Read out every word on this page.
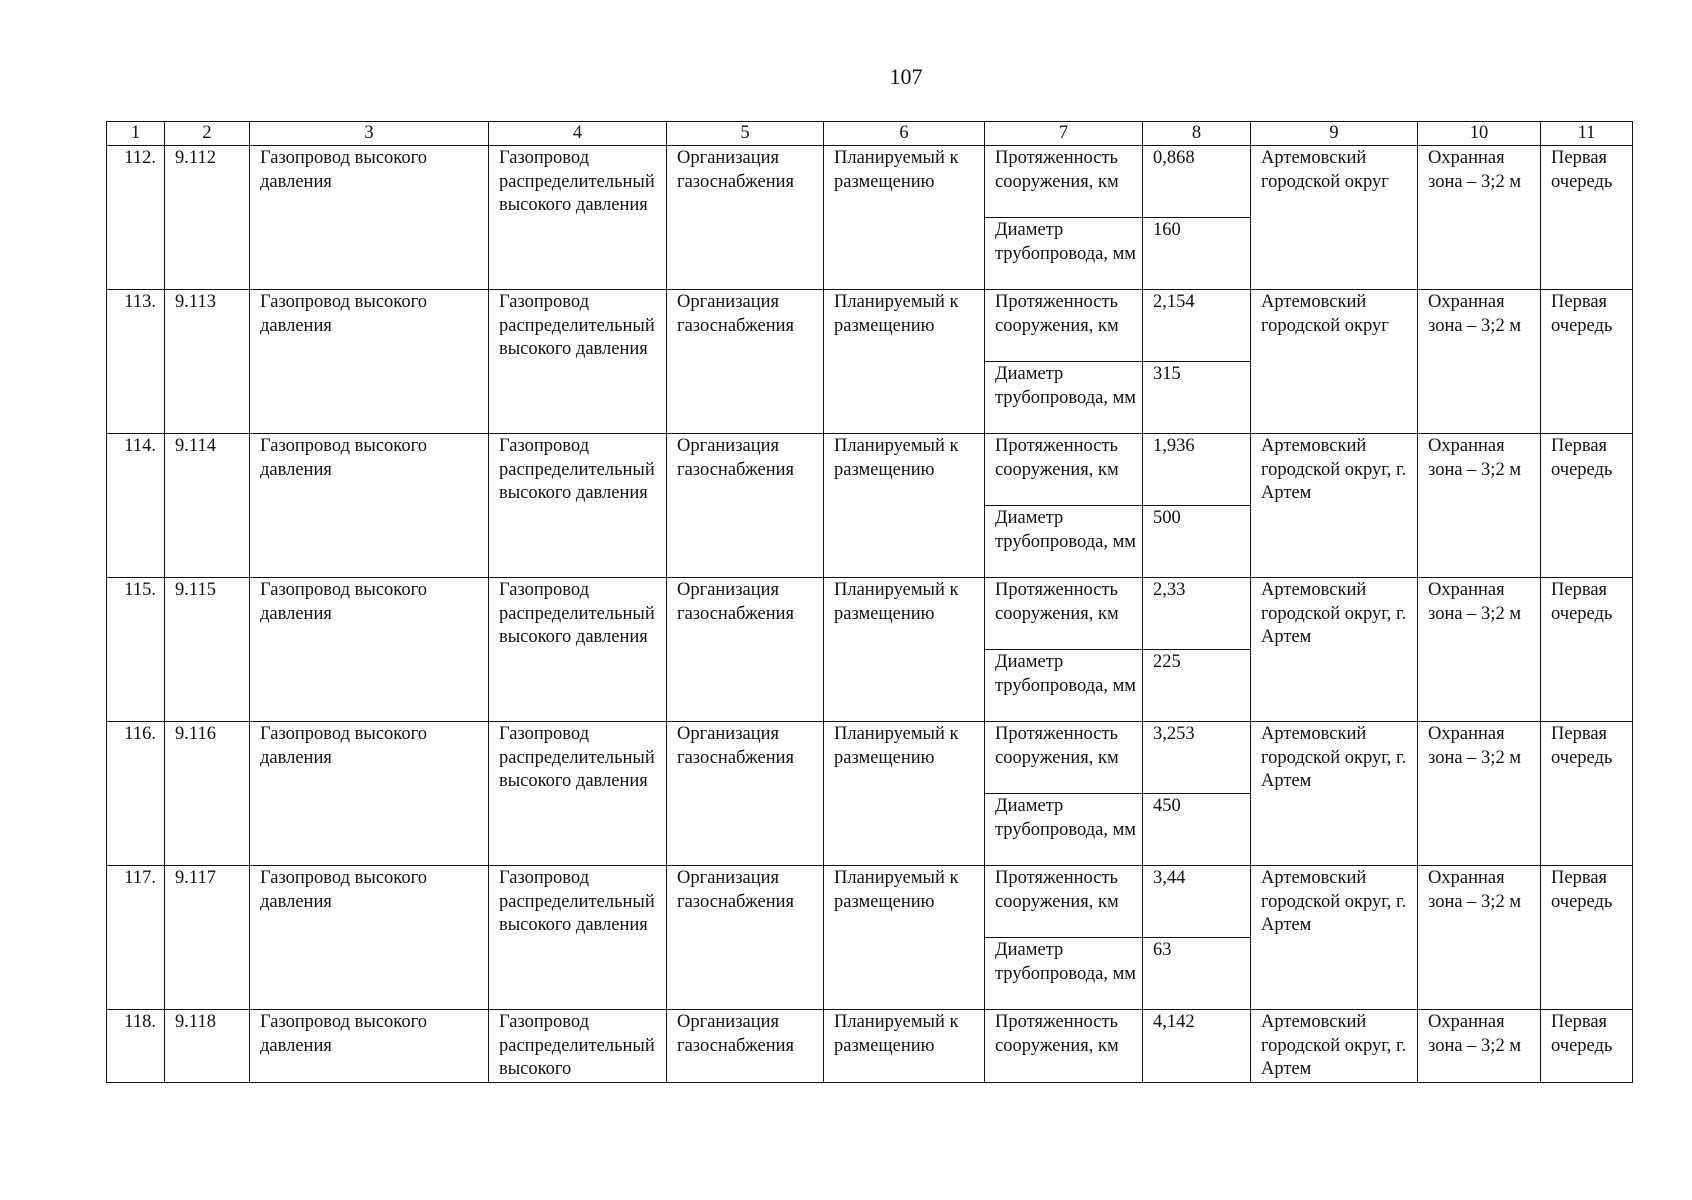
107
1	2	3	4	5	6	7	8	9	10	11
112.	9.112	Газопровод высокого давления	Газопровод распределительный высокого давления	Организация газоснабжения	Планируемый к размещению	Протяженность сооружения, км	0,868	Артемовский городской округ	Охранная зона – 3;2 м	Первая очередь
						Диаметр трубопровода, мм	160			
113.	9.113	Газопровод высокого давления	Газопровод распределительный высокого давления	Организация газоснабжения	Планируемый к размещению	Протяженность сооружения, км	2,154	Артемовский городской округ	Охранная зона – 3;2 м	Первая очередь
						Диаметр трубопровода, мм	315			
114.	9.114	Газопровод высокого давления	Газопровод распределительный высокого давления	Организация газоснабжения	Планируемый к размещению	Протяженность сооружения, км	1,936	Артемовский городской округ, г. Артем	Охранная зона – 3;2 м	Первая очередь
						Диаметр трубопровода, мм	500			
115.	9.115	Газопровод высокого давления	Газопровод распределительный высокого давления	Организация газоснабжения	Планируемый к размещению	Протяженность сооружения, км	2,33	Артемовский городской округ, г. Артем	Охранная зона – 3;2 м	Первая очередь
						Диаметр трубопровода, мм	225			
116.	9.116	Газопровод высокого давления	Газопровод распределительный высокого давления	Организация газоснабжения	Планируемый к размещению	Протяженность сооружения, км	3,253	Артемовский городской округ, г. Артем	Охранная зона – 3;2 м	Первая очередь
						Диаметр трубопровода, мм	450			
117.	9.117	Газопровод высокого давления	Газопровод распределительный высокого давления	Организация газоснабжения	Планируемый к размещению	Протяженность сооружения, км	3,44	Артемовский городской округ, г. Артем	Охранная зона – 3;2 м	Первая очередь
						Диаметр трубопровода, мм	63			
118.	9.118	Газопровод высокого давления	Газопровод распределительный высокого	Организация газоснабжения	Планируемый к размещению	Протяженность сооружения, км	4,142	Артемовский городской округ, г. Артем	Охранная зона – 3;2 м	Первая очередь
